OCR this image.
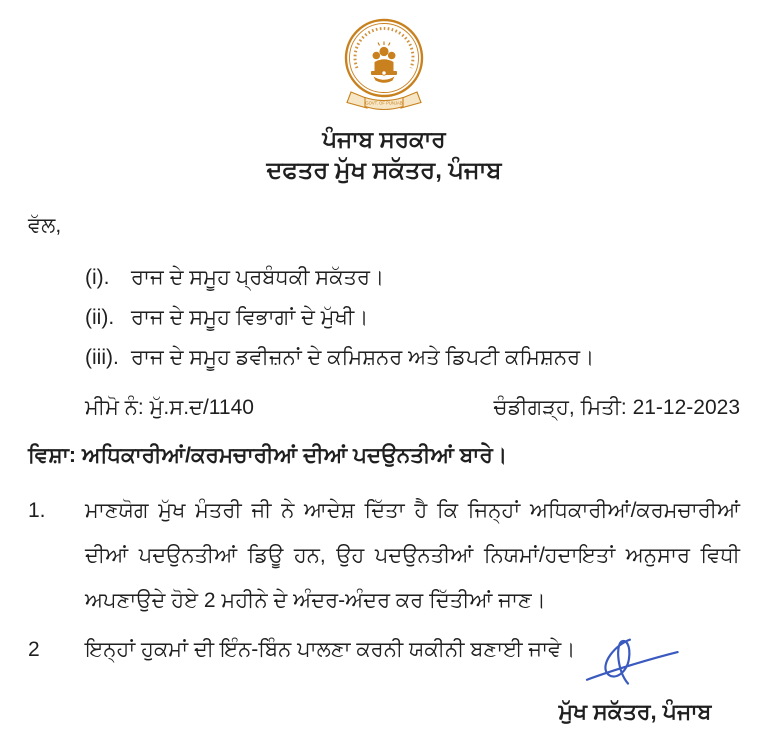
GOVT. OF PUNJAB
ਪੰਜਾਬ ਸਰਕਾਰ
ਦਫਤਰ ਮੁੱਖ ਸਕੱਤਰ, ਪੰਜਾਬ
ਵੱਲ,
(i).	ਰਾਜ ਦੇ ਸਮੂਹ ਪ੍ਰਬੰਧਕੀ ਸਕੱਤਰ।
(ii). ਰਾਜ ਦੇ ਸਮੂਹ ਵਿਭਾਗਾਂ ਦੇ ਮੁੱਖੀ।
(iii). ਰਾਜ ਦੇ ਸਮੂਹ ਡਵੀਜ਼ਨਾਂ ਦੇ ਕਮਿਸ਼ਨਰ ਅਤੇ ਡਿਪਟੀ ਕਮਿਸ਼ਨਰ।
ਮੀਮੋ ਨੰ: ਮੁੱ.ਸ.ਦ/1140	ਚੰਡੀਗੜ੍ਹ, ਮਿਤੀ: 21-12-2023
ਵਿਸ਼ਾ: ਅਧਿਕਾਰੀਆਂ/ਕਰਮਚਾਰੀਆਂ ਦੀਆਂ ਪਦਉਨਤੀਆਂ ਬਾਰੇ।
1.	ਮਾਣਯੋਗ ਮੁੱਖ ਮੰਤਰੀ ਜੀ ਨੇ ਆਦੇਸ਼ ਦਿੱਤਾ ਹੈ ਕਿ ਜਿਨ੍ਹਾਂ ਅਧਿਕਾਰੀਆਂ/ਕਰਮਚਾਰੀਆਂ ਦੀਆਂ ਪਦਉਨਤੀਆਂ ਡਿਊ ਹਨ, ਉਹ ਪਦਉਨਤੀਆਂ ਨਿਯਮਾਂ/ਹਦਾਇਤਾਂ ਅਨੁਸਾਰ ਵਿਧੀ ਅਪਣਾਉਦੇ ਹੋਏ 2 ਮਹੀਨੇ ਦੇ ਅੰਦਰ-ਅੰਦਰ ਕਰ ਦਿੱਤੀਆਂ ਜਾਣ।
2	ਇਨ੍ਹਾਂ ਹੁਕਮਾਂ ਦੀ ਇੰਨ-ਬਿੰਨ ਪਾਲਣਾ ਕਰਨੀ ਯਕੀਨੀ ਬਣਾਈ ਜਾਵੇ।
ਮੁੱਖ ਸਕੱਤਰ, ਪੰਜਾਬ
